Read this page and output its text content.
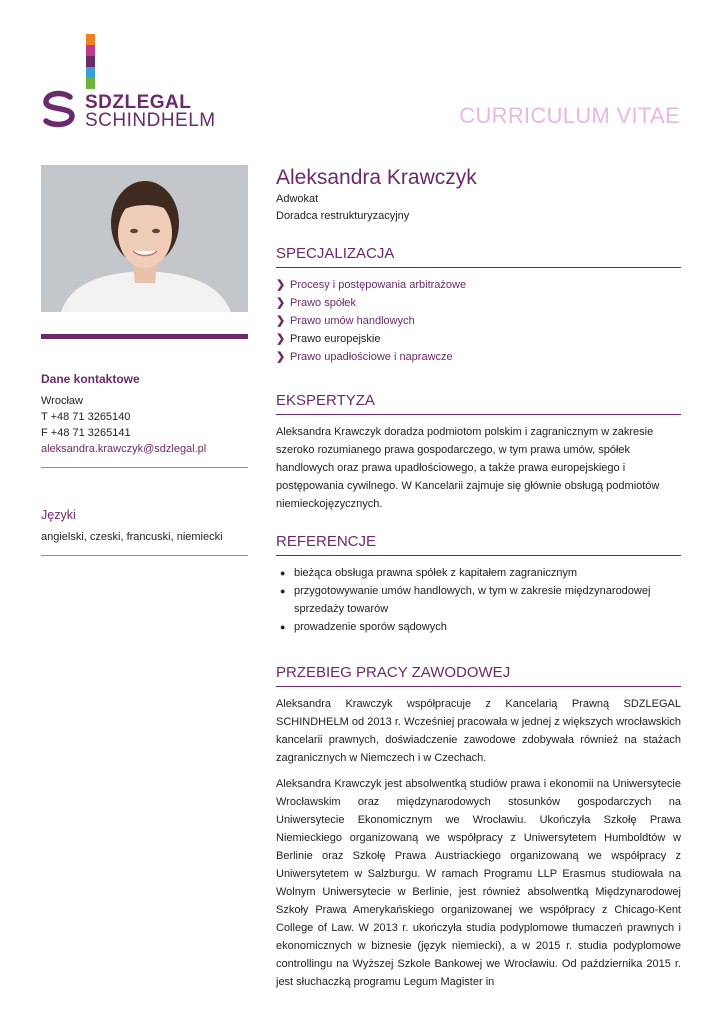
SDZLEGAL
SCHINDHELM	CURRICULUM VITAE
Dane kontaktowe
Wrocław
T +48 71 3265140
F +48 71 3265141
aleksandra.krawczyk@sdzlegal.pl
Języki
angielski, czeski, francuski, niemiecki
Aleksandra Krawczyk
Adwokat
Doradca restrukturyzacyjny
SPECJALIZACJA
❯ Procesy i postępowania arbitrażowe
❯ Prawo spółek
❯ Prawo umów handlowych
❯ Prawo europejskie
❯ Prawo upadłościowe i naprawcze
EKSPERTYZA

Aleksandra Krawczyk doradza podmiotom polskim i zagranicznym w zakresie szeroko rozumianego prawa gospodarczego, w tym prawa umów, spółek handlowych oraz prawa upadłościowego, a także prawa europejskiego i postępowania cywilnego. W Kancelarii zajmuje się głównie obsługą podmiotów niemieckojęzycznych.

REFERENCJE
● bieżąca obsługa prawna spółek z kapitałem zagranicznym
● przygotowywanie umów handlowych, w tym w zakresie międzynarodowej sprzedaży towarów
● prowadzenie sporów sądowych
PRZEBIEG PRACY ZAWODOWEJ

Aleksandra Krawczyk współpracuje z Kancelarią Prawną SDZLEGAL SCHINDHELM od 2013 r. Wcześniej pracowała w jednej z większych wrocławskich kancelarii prawnych, doświadczenie zawodowe zdobywała również na stażach zagranicznych w Niemczech i w Czechach.

Aleksandra Krawczyk jest absolwentką studiów prawa i ekonomii na Uniwersytecie Wrocławskim oraz międzynarodowych stosunków gospodarczych na Uniwersytecie Ekonomicznym we Wrocławiu. Ukończyła Szkołę Prawa Niemieckiego organizowaną we współpracy z Uniwersytetem Humboldtów w Berlinie oraz Szkołę Prawa Austriackiego organizowaną we współpracy z Uniwersytetem w Salzburgu. W ramach Programu LLP Erasmus studiowała na Wolnym Uniwersytecie w Berlinie, jest również absolwentką Międzynarodowej Szkoły Prawa Amerykańskiego organizowanej we współpracy z Chicago-Kent College of Law. W 2013 r. ukończyła studia podyplomowe tłumaczeń prawnych i ekonomicznych w biznesie (język niemiecki), a w 2015 r. studia podyplomowe controllingu na Wyższej Szkole Bankowej we Wrocławiu. Od października 2015 r. jest słuchaczką programu Legum Magister in
